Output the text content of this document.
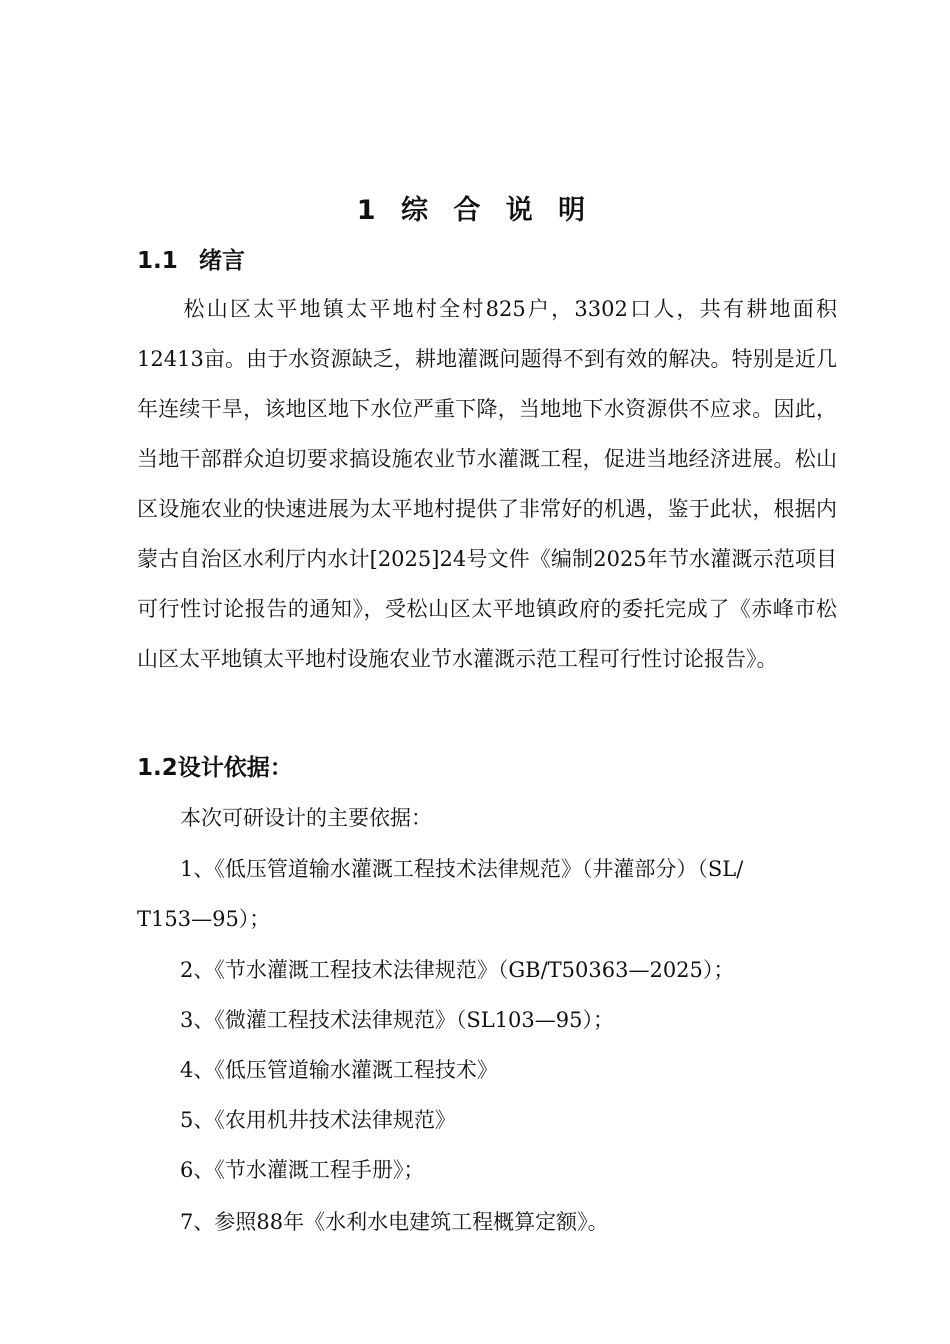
1 综 合 说 明
1.1 绪言

　　松山区太平地镇太平地村全村825户，3302口人，共有耕地面积12413亩。由于水资源缺乏，耕地灌溉问题得不到有效的解决。特别是近几年连续干旱，该地区地下水位严重下降，当地地下水资源供不应求。因此，当地干部群众迫切要求搞设施农业节水灌溉工程，促进当地经济进展。松山区设施农业的快速进展为太平地村提供了非常好的机遇，鉴于此状，根据内蒙古自治区水利厅内水计[2025]24号文件《编制2025年节水灌溉示范项目可行性讨论报告的通知》，受松山区太平地镇政府的委托完成了《赤峰市松山区太平地镇太平地村设施农业节水灌溉示范工程可行性讨论报告》。

1.2设计依据：

本次可研设计的主要依据：

1、《低压管道输水灌溉工程技术法律规范》（井灌部分）（SL/

T153—95）；

2、《节水灌溉工程技术法律规范》（GB/T50363—2025）；

3、《微灌工程技术法律规范》（SL103—95）；

4、《低压管道输水灌溉工程技术》

5、《农用机井技术法律规范》

6、《节水灌溉工程手册》；

7、参照88年《水利水电建筑工程概算定额》。
